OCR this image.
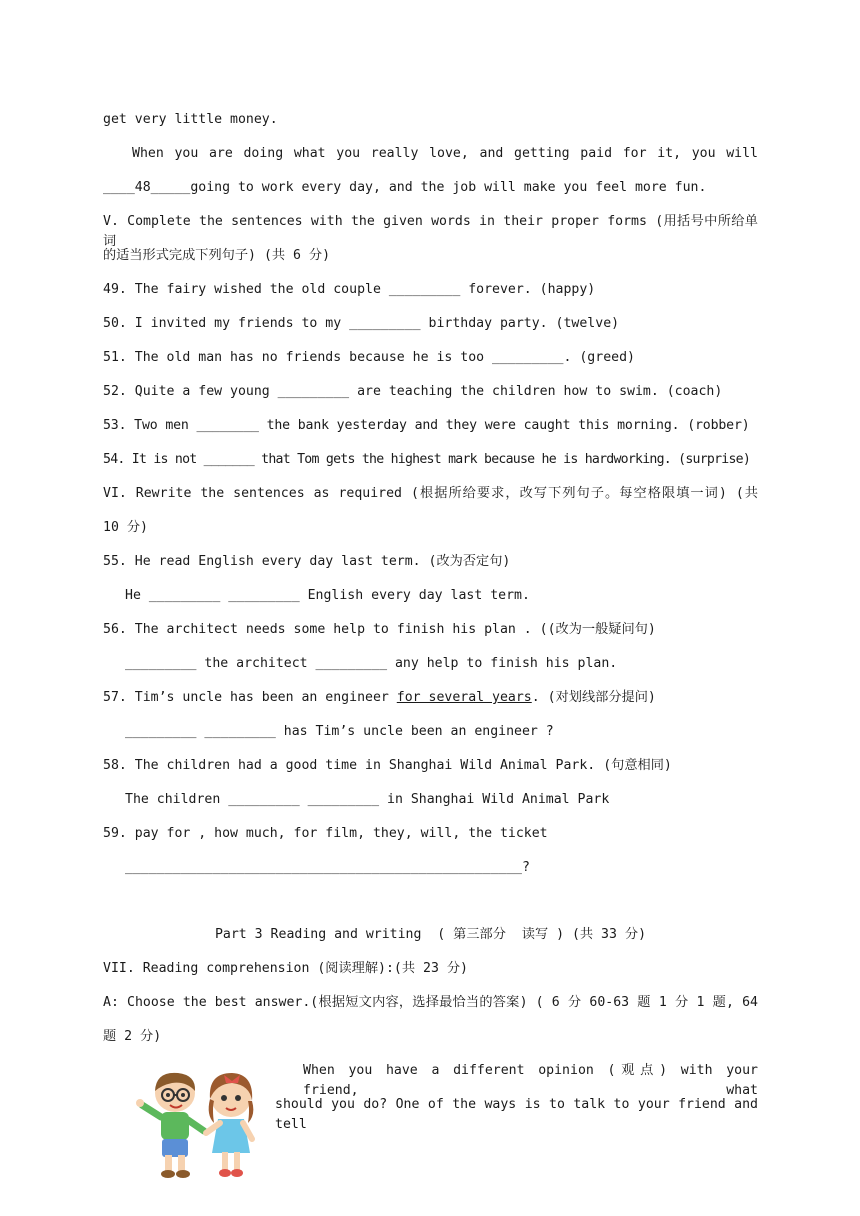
get very little money.
When you are doing what you really love, and getting paid for it, you will
____48_____going to work every day, and the job will make you feel more fun.
V. Complete the sentences with the given words in their proper forms (用括号中所给单词
的适当形式完成下列句子) (共 6 分)
49. The fairy wished the old couple _________ forever. (happy)
50. I invited my friends to my _________ birthday party. (twelve)
51. The old man has no friends because he is too _________. (greed)
52. Quite a few young _________ are teaching the children how to swim. (coach)
53. Two men ________ the bank yesterday and they were caught this morning. (robber)
54. It is not _______ that Tom gets the highest mark because he is hardworking. (surprise)
VI. Rewrite the sentences as required (根据所给要求，改写下列句子。每空格限填一词) (共
10 分)
55. He read English every day last term. (改为否定句)
He _________ _________ English every day last term.
56. The architect needs some help to finish his plan . ((改为一般疑问句)
_________ the architect _________ any help to finish his plan.
57. Tim’s uncle has been an engineer for several years. (对划线部分提问)
_________ _________ has Tim’s uncle been an engineer ?
58. The children had a good time in Shanghai Wild Animal Park. (句意相同)
The children _________ _________ in Shanghai Wild Animal Park
59. pay for , how much, for film, they, will, the ticket
__________________________________________________?
Part 3 Reading and writing  ( 第三部分  读写 ) (共 33 分)
VII. Reading comprehension (阅读理解):(共 23 分)
A: Choose the best answer.(根据短文内容，选择最恰当的答案) ( 6 分 60-63 题 1 分 1 题, 64
题 2 分)
When you have a different opinion (观点) with your friend, what
should you do? One of the ways is to talk to your friend and tell
